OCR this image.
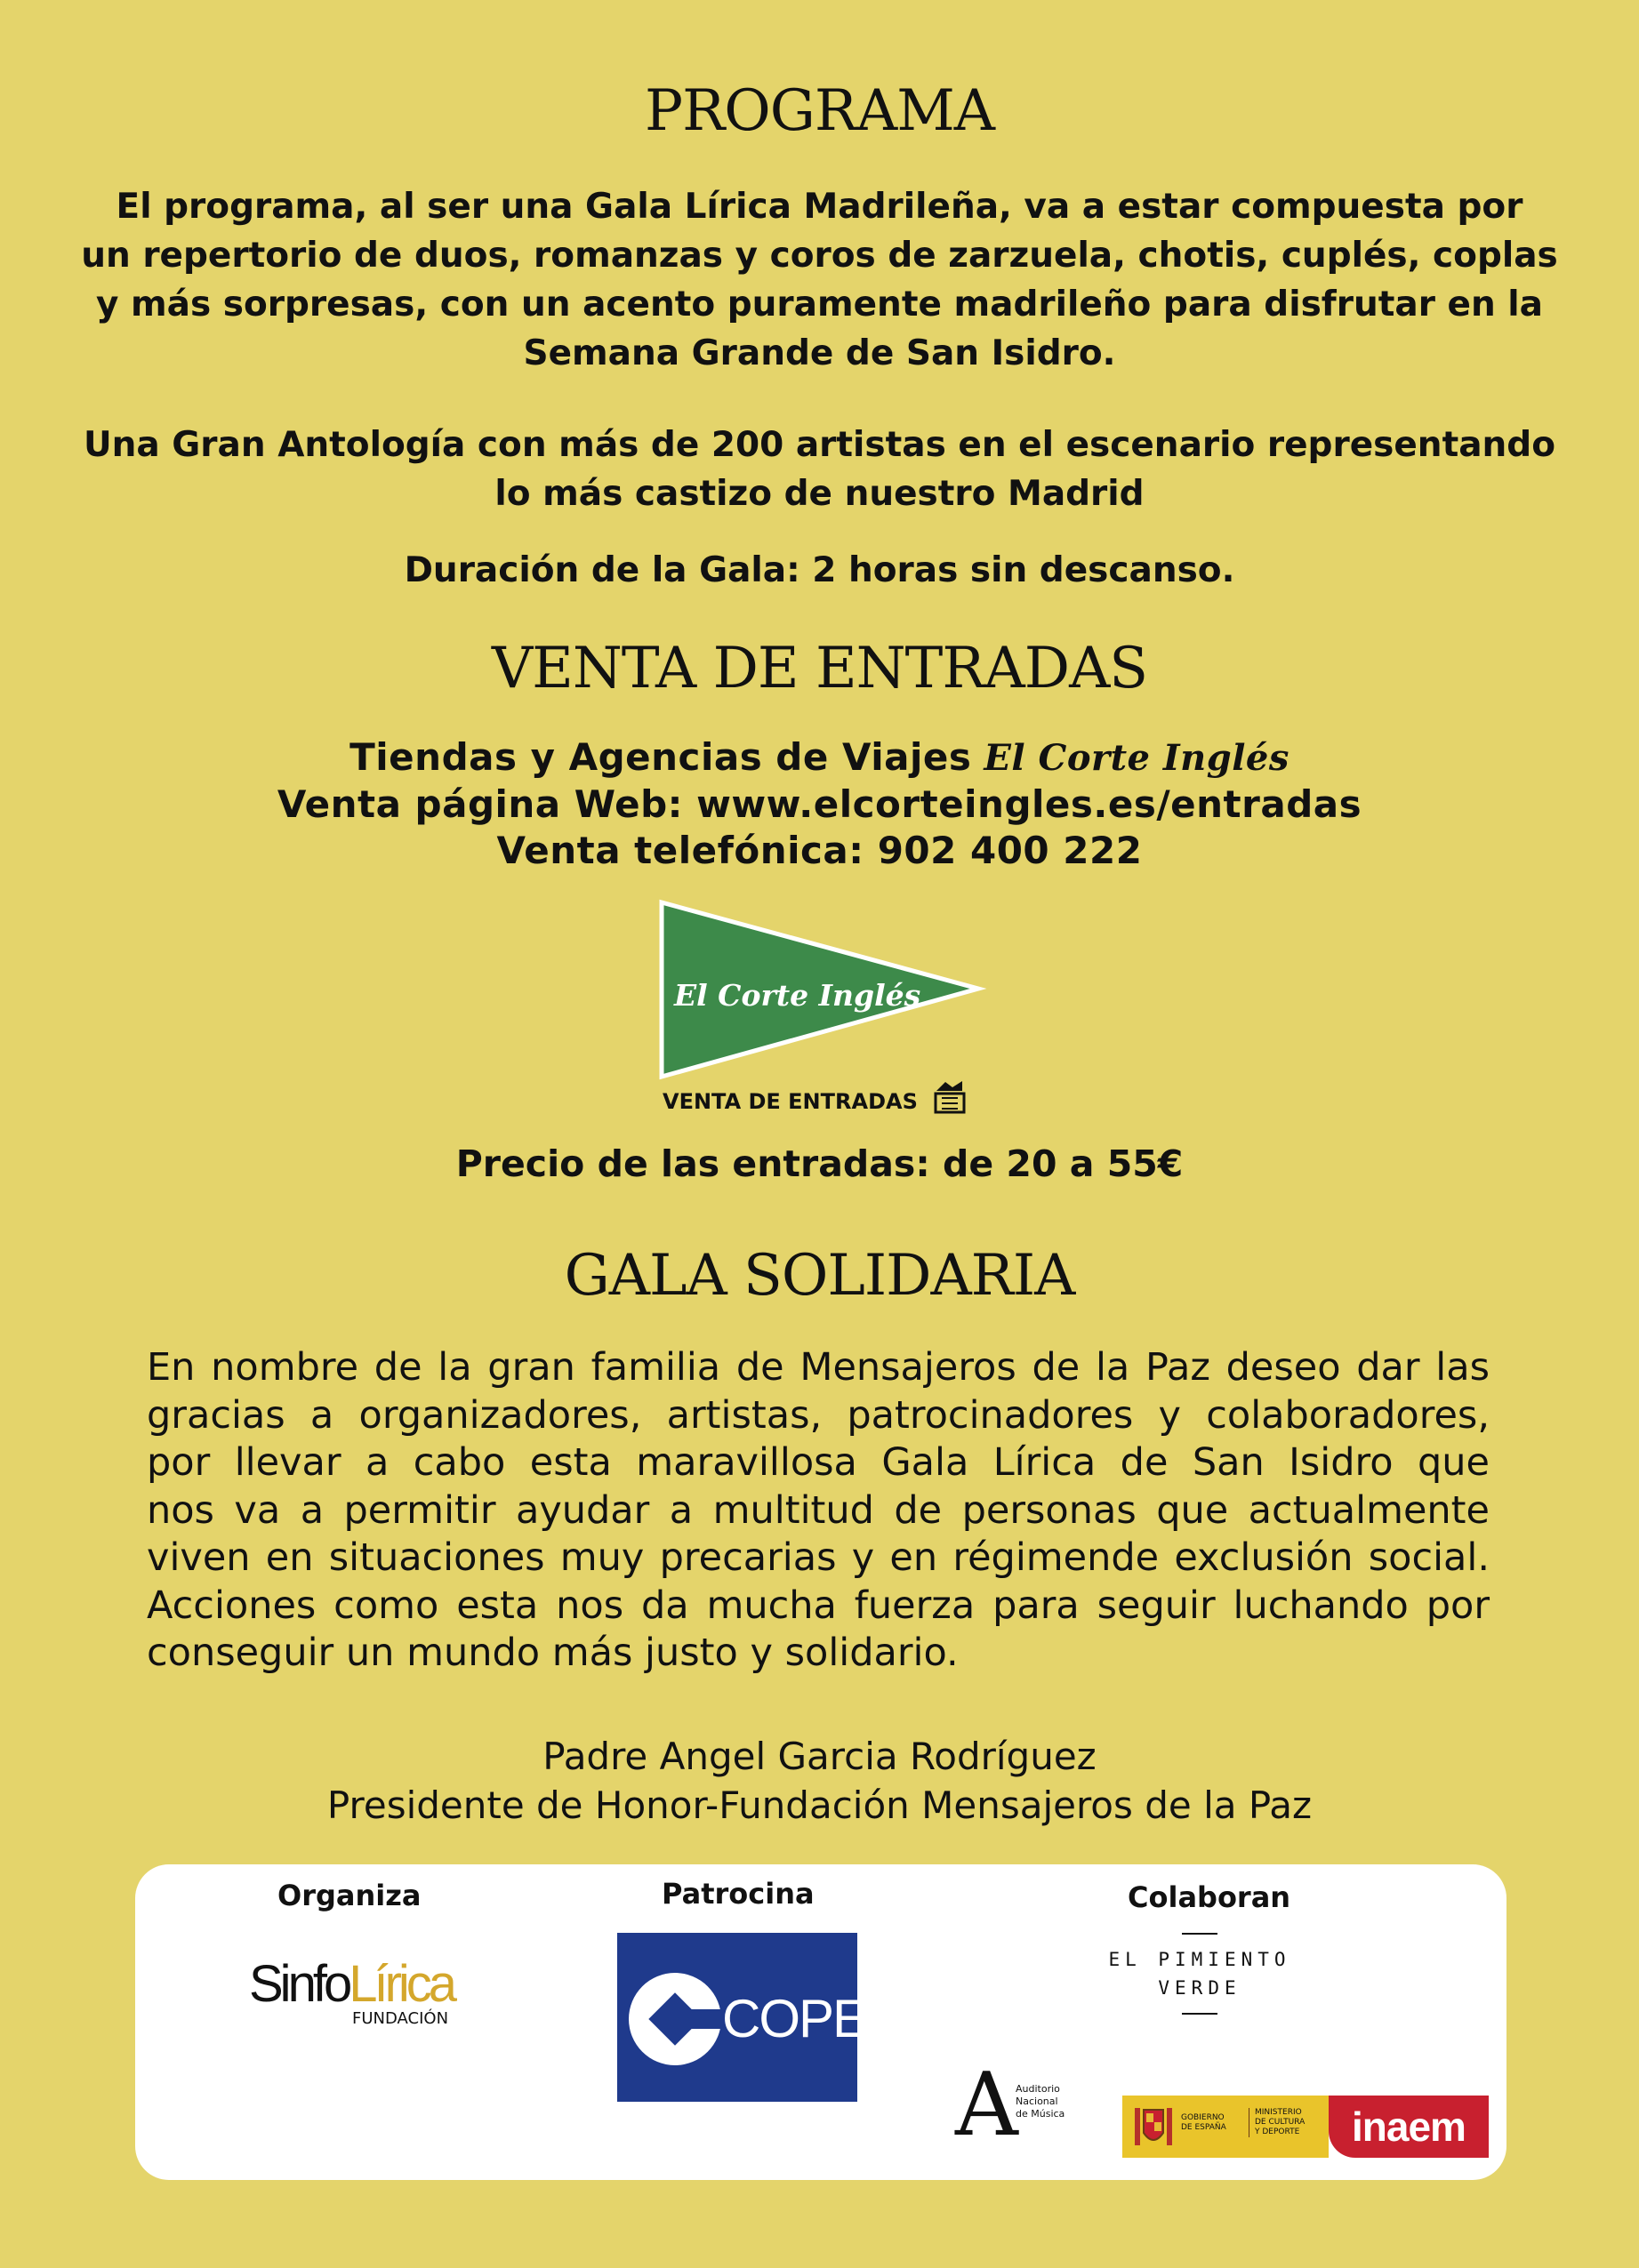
PROGRAMA

El programa, al ser una Gala Lírica Madrileña, va a estar compuesta por
un repertorio de duos, romanzas y coros de zarzuela, chotis, cuplés, coplas
y más sorpresas, con un acento puramente madrileño para disfrutar en la
Semana Grande de San Isidro.

Una Gran Antología con más de 200 artistas en el escenario representando
lo más castizo de nuestro Madrid

Duración de la Gala: 2 horas sin descanso.

VENTA DE ENTRADAS
Tiendas y Agencias de Viajes El Corte Inglés
Venta página Web: www.elcorteingles.es/entradas
Venta telefónica: 902 400 222
El Corte Inglés
VENTA DE ENTRADAS
Precio de las entradas: de 20 a 55€
GALA SOLIDARIA
En nombre de la gran familia de Mensajeros de la Paz deseo dar las
gracias a organizadores, artistas, patrocinadores y colaboradores,
por llevar a cabo esta maravillosa Gala Lírica de San Isidro que
nos va a permitir ayudar a multitud de personas que actualmente
viven en situaciones muy precarias y en régimende exclusión social.
Acciones como esta nos da mucha fuerza para seguir luchando por
conseguir un mundo más justo y solidario.
Padre Angel Garcia Rodríguez
Presidente de Honor-Fundación Mensajeros de la Paz
Organiza	Patrocina	Colaboran
SinfoLírica
FUNDACIÓN	COPE
EL PIMIENTO
VERDE
A
Auditorio
Nacional
de Música	GOBIERNO
DE ESPAÑA
MINISTERIO
DE CULTURA
Y DEPORTE	inaem
